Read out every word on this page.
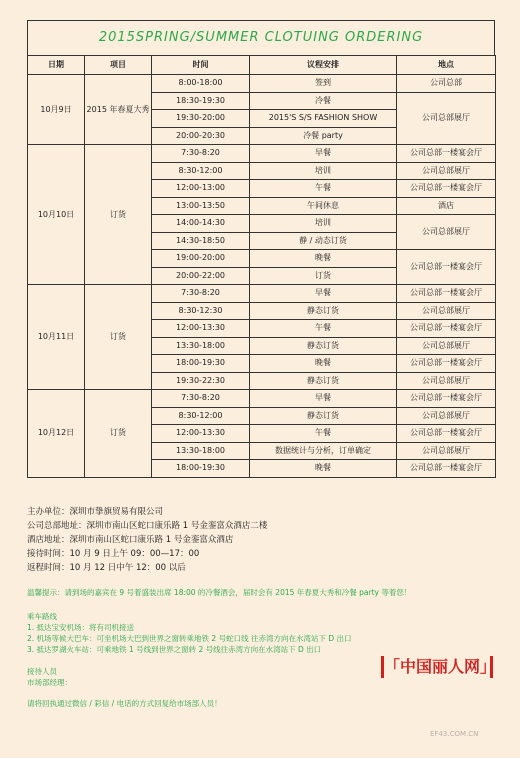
2015SPRING/SUMMER CLOTUING ORDERING
日期	项目	时间	议程安排	地点
10月9日	2015 年春夏大秀	8:00-18:00	签到	公司总部
		18:30-19:30	冷餐	公司总部展厅
		19:30-20:00	2015'S S/S FASHION SHOW	
		20:00-20:30	冷餐 party	
10月10日	订货	7:30-8:20	早餐	公司总部一楼宴会厅
		8:30-12:00	培训	公司总部展厅
		12:00-13:00	午餐	公司总部一楼宴会厅
		13:00-13:50	午间休息	酒店
		14:00-14:30	培训	公司总部展厅
		14:30-18:50	静 / 动态订货	
		19:00-20:00	晚餐	公司总部一楼宴会厅
		20:00-22:00	订货	
10月11日	订货	7:30-8:20	早餐	公司总部一楼宴会厅
		8:30-12:30	静态订货	公司总部展厅
		12:00-13:30	午餐	公司总部一楼宴会厅
		13:30-18:00	静态订货	公司总部展厅
		18:00-19:30	晚餐	公司总部一楼宴会厅
		19:30-22:30	静态订货	公司总部展厅
10月12日	订货	7:30-8:20	早餐	公司总部一楼宴会厅
		8:30-12:00	静态订货	公司总部展厅
		12:00-13:30	午餐	公司总部一楼宴会厅
		13:30-18:00	数据统计与分析，订单确定	公司总部展厅
		18:00-19:30	晚餐	公司总部一楼宴会厅
主办单位：深圳市挚旗贸易有限公司
公司总部地址：深圳市南山区蛇口康乐路 1 号金銮富众酒店二楼
酒店地址：深圳市南山区蛇口康乐路 1 号金銮富众酒店
接待时间：10 月 9 日上午 09：00—17：00
返程时间：10 月 12 日中午 12：00 以后
温馨提示：请到场的嘉宾在 9 号着盛装出席 18:00 的冷餐酒会，届时会有 2015 年春夏大秀和冷餐 party 等着您！
乘车路线
1. 抵达宝安机场：将有司机接送
2. 机场等候大巴车：可坐机场大巴到世界之窗转乘地铁 2 号蛇口线 往赤湾方向在水湾站下 D 出口
3. 抵达罗湖火车站：可乘地铁 1 号线到世界之窗转 2 号线往赤湾方向在水湾站下 D 出口
接待人员
市场部经理：
请将回执通过微信 / 彩信 / 电话的方式回复给市场部人员！
「中国丽人网」
EF43.COM.CN
